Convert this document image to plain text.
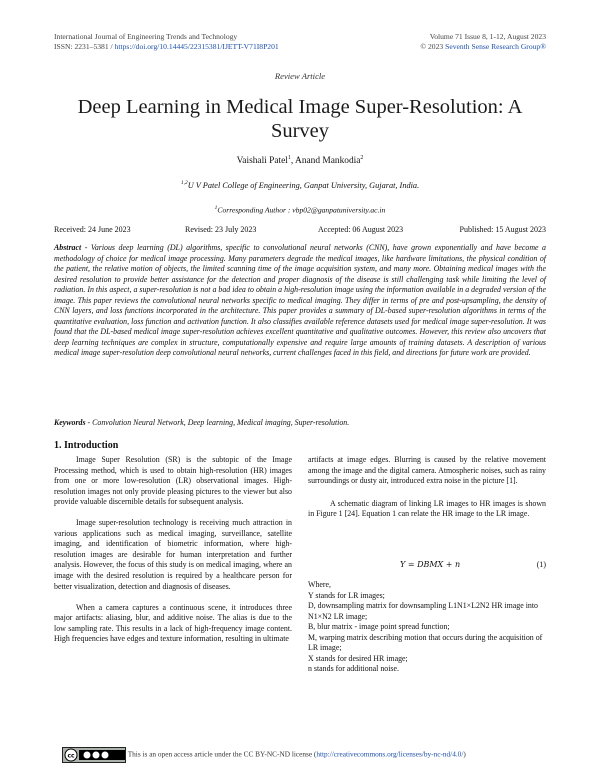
International Journal of Engineering Trends and Technology
ISSN: 2231–5381 / https://doi.org/10.14445/22315381/IJETT-V71I8P201
Volume 71 Issue 8, 1-12, August 2023
© 2023 Seventh Sense Research Group®
Review Article
Deep Learning in Medical Image Super-Resolution: A
Survey
Vaishali Patel$^1$, Anand Mankodia$^2$
$^{1,2}$U V Patel College of Engineering, Ganpat University, Gujarat, India.
$^1$Corresponding Author : vbp02@ganpatuniversity.ac.in
Received: 24 June 2023	Revised: 23 July 2023	Accepted: 06 August 2023	Published: 15 August 2023
Abstract - Various deep learning (DL) algorithms, specific to convolutional neural networks (CNN), have grown exponentially and have become a methodology of choice for medical image processing. Many parameters degrade the medical images, like hardware limitations, the physical condition of the patient, the relative motion of objects, the limited scanning time of the image acquisition system, and many more. Obtaining medical images with the desired resolution to provide better assistance for the detection and proper diagnosis of the disease is still challenging task while limiting the level of radiation. In this aspect, a super-resolution is not a bad idea to obtain a high-resolution image using the information available in a degraded version of the image. This paper reviews the convolutional neural networks specific to medical imaging. They differ in terms of pre and post-upsampling, the density of CNN layers, and loss functions incorporated in the architecture. This paper provides a summary of DL-based super-resolution algorithms in terms of the quantitative evaluation, loss function and activation function. It also classifies available reference datasets used for medical image super-resolution. It was found that the DL-based medical image super-resolution achieves excellent quantitative and qualitative outcomes. However, this review also uncovers that deep learning techniques are complex in structure, computationally expensive and require large amounts of training datasets. A description of various medical image super-resolution deep convolutional neural networks, current challenges faced in this field, and directions for future work are provided.
Keywords - Convolution Neural Network, Deep learning, Medical imaging, Super-resolution.
1. Introduction

Image Super Resolution (SR) is the subtopic of the Image Processing method, which is used to obtain high-resolution (HR) images from one or more low-resolution (LR) observational images. High-resolution images not only provide pleasing pictures to the viewer but also provide valuable discernible details for subsequent analysis.

Image super-resolution technology is receiving much attraction in various applications such as medical imaging, surveillance, satellite imaging, and identification of biometric information, where high-resolution images are desirable for human interpretation and further analysis. However, the focus of this study is on medical imaging, where an image with the desired resolution is required by a healthcare person for better visualization, detection and diagnosis of diseases.

When a camera captures a continuous scene, it introduces three major artifacts: aliasing, blur, and additive noise. The alias is due to the low sampling rate. This results in a lack of high-frequency image content. High frequencies have edges and texture information, resulting in ultimate

artifacts at image edges. Blurring is caused by the relative movement among the image and the digital camera. Atmospheric noises, such as rainy surroundings or dusty air, introduced extra noise in the picture [1].

A schematic diagram of linking LR images to HR images is shown in Figure 1 [24]. Equation 1 can relate the HR image to the LR image.

Y = DBMX + n	(1)
Where,
Y stands for LR images;
D, downsampling matrix for downsampling L1N1×L2N2 HR image into N1×N2 LR image;
B, blur matrix - image point spread function;
M, warping matrix describing motion that occurs during the acquisition of LR image;
X stands for desired HR image;
n stands for additional noise.
cc	This is an open access article under the CC BY-NC-ND license (http://creativecommons.org/licenses/by-nc-nd/4.0/)
